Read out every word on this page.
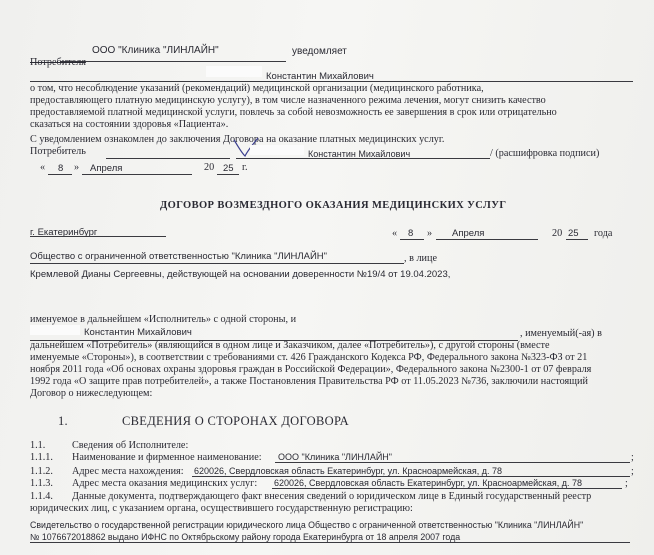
ООО "Клиника "ЛИНЛАЙН"	уведомляет
Потребителя
Константин Михайлович
о том, что несоблюдение указаний (рекомендаций) медицинской организации (медицинского работника,
предоставляющего платную медицинскую услугу), в том числе назначенного режима лечения, могут снизить качество
предоставляемой платной медицинской услуги, повлечь за собой невозможность ее завершения в срок или отрицательно
сказаться на состоянии здоровья «Пациента».
С уведомлением ознакомлен до заключения Договора на оказание платных медицинских услуг.
Потребитель	Константин Михайлович	/ (расшифровка подписи)
« 8 » Апреля	20 25 г.
ДОГОВОР ВОЗМЕЗДНОГО ОКАЗАНИЯ МЕДИЦИНСКИХ УСЛУГ
г. Екатеринбург	« 8 » Апреля	20 25 года
Общество с ограниченной ответственностью "Клиника "ЛИНЛАЙН"	, в лице
Кремлевой Дианы Сергеевны, действующей на основании доверенности №19/4 от 19.04.2023,
именуемое в дальнейшем «Исполнитель» с одной стороны, и
Константин Михайлович	, именуемый(-ая) в
дальнейшем «Потребитель» (являющийся в одном лице и Заказчиком, далее «Потребитель»), с другой стороны (вместе
именуемые «Стороны»), в соответствии с требованиями ст. 426 Гражданского Кодекса РФ, Федерального закона №323-ФЗ от 21
ноября 2011 года «Об основах охраны здоровья граждан в Российской Федерации», Федерального закона №2300-1 от 07 февраля
1992 года «О защите прав потребителей», а также Постановления Правительства РФ от 11.05.2023 №736, заключили настоящий
Договор о нижеследующем:
1.	СВЕДЕНИЯ О СТОРОНАХ ДОГОВОРА
1.1.	Сведения об Исполнителе:
1.1.1. Наименование и фирменное наименование: ООО "Клиника "ЛИНЛАЙН"	;
1.1.2. Адрес места нахождения: 620026, Свердловская область Екатеринбург, ул. Красноармейская, д. 78	;
1.1.3. Адрес места оказания медицинских услуг: 620026, Свердловская область Екатеринбург, ул. Красноармейская, д. 78	;
1.1.4. Данные документа, подтверждающего факт внесения сведений о юридическом лице в Единый государственный реестр
юридических лиц, с указанием органа, осуществившего государственную регистрацию:
Свидетельство о государственной регистрации юридического лица Общество с ограниченной ответственностью "Клиника "ЛИНЛАЙН"
№ 1076672018862 выдано ИФНС по Октябрьскому району города Екатеринбурга от 18 апреля 2007 года
